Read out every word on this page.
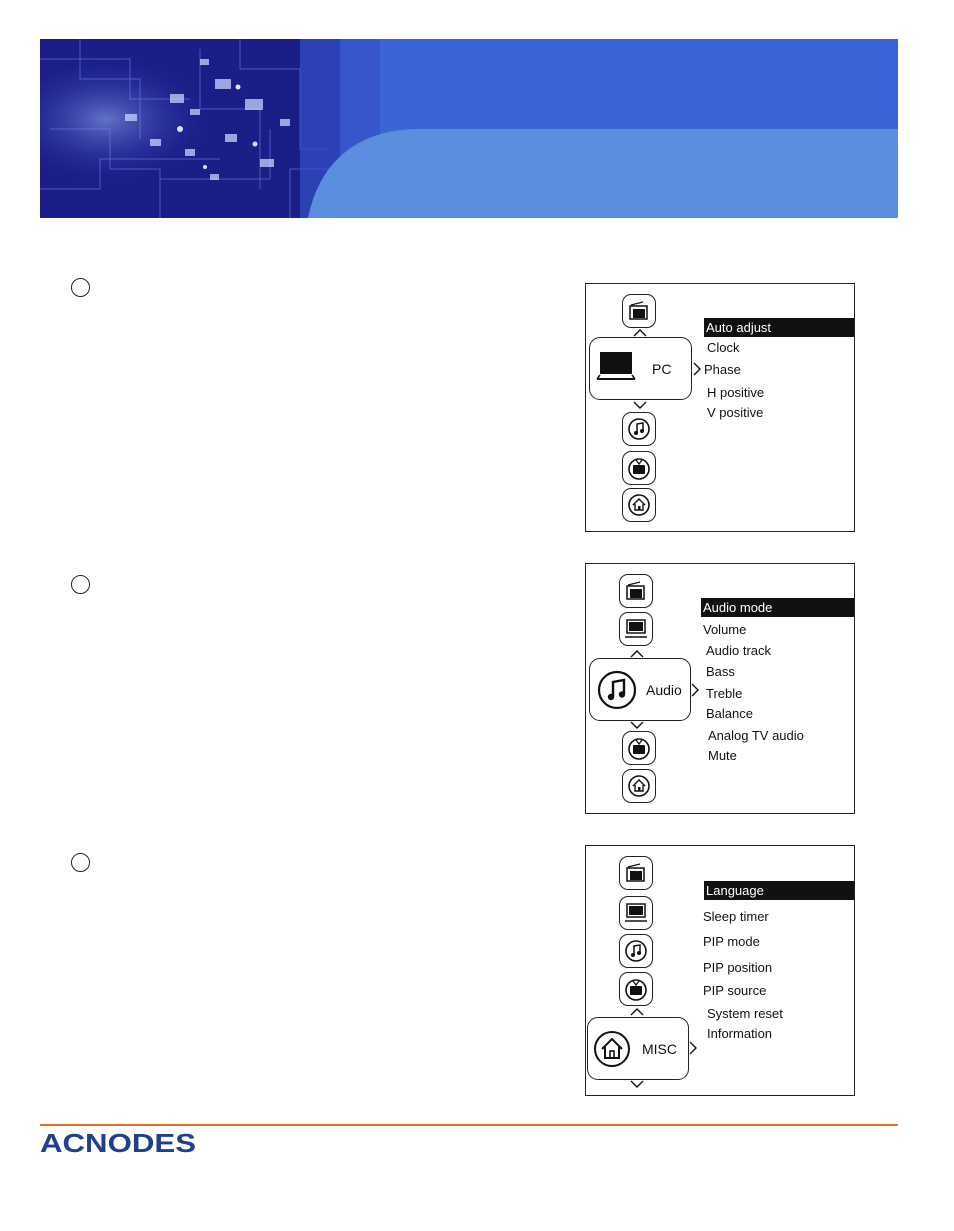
PC
Auto adjust
Clock
Phase
H positive
V positive
Audio
Audio mode
Volume
Audio track
Bass
Treble
Balance
Analog TV audio
Mute
MISC
Language
Sleep timer
PIP mode
PIP position
PIP source
System reset
Information
ACNODES
